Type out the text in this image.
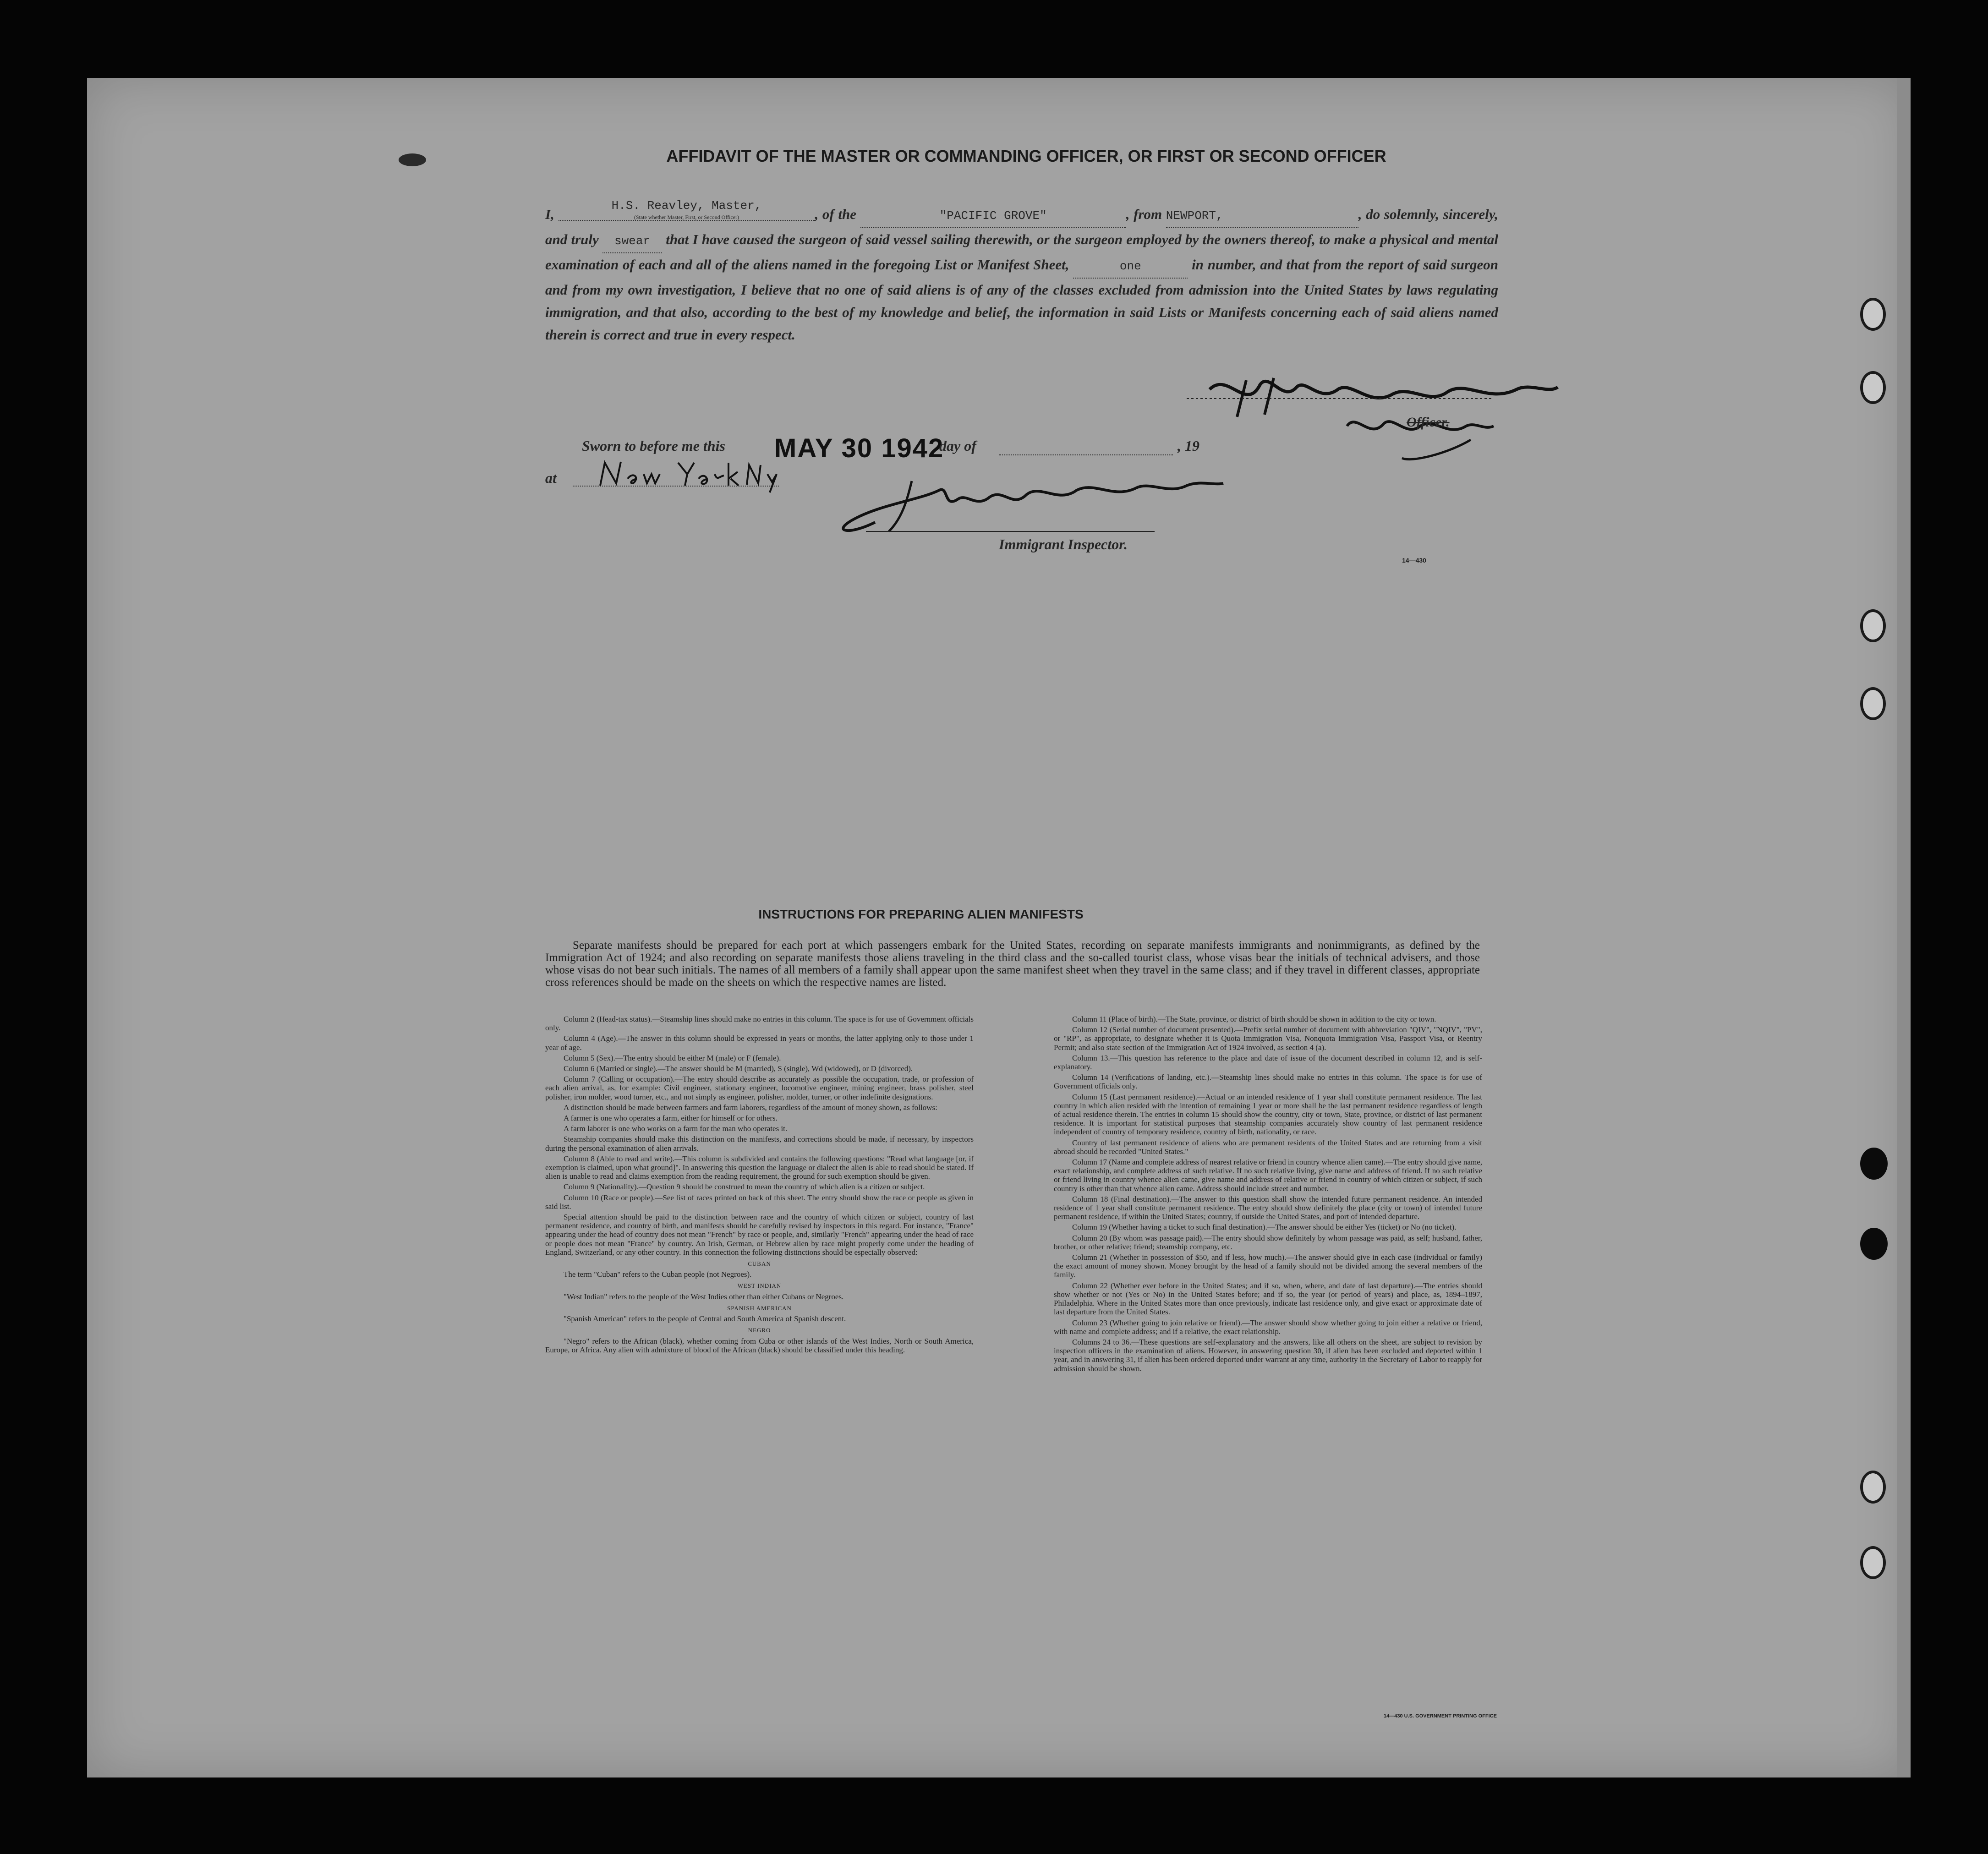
AFFIDAVIT OF THE MASTER OR COMMANDING OFFICER, OR FIRST OR SECOND OFFICER
I, H.S. Reavley, Master,
(State whether Master, First, or Second Officer)	, of the	"PACIFIC GROVE"	, from NEWPORT,	, do solemnly, sincerely, and truly swear that I have caused the surgeon of said vessel sailing therewith, or the surgeon employed by the owners thereof, to make a physical and mental examination of each and all of the aliens named in the foregoing List or Manifest Sheet,	one	in number, and that from the report of said surgeon and from my own investigation, I believe that no one of said aliens is of any of the classes excluded from admission into the United States by laws regulating immigration, and that also, according to the best of my knowledge and belief, the information in said Lists or Manifests concerning each of said aliens named therein is correct and true in every respect.
Officer.
Sworn to before me this MAY 30 1942
day of	, 19
at
Immigrant Inspector.
14—430
INSTRUCTIONS FOR PREPARING ALIEN MANIFESTS
Separate manifests should be prepared for each port at which passengers embark for the United States, recording on separate manifests immigrants and nonimmigrants, as defined by the Immigration Act of 1924; and also recording on separate manifests those aliens traveling in the third class and the so-called tourist class, whose visas bear the initials of technical advisers, and those whose visas do not bear such initials. The names of all members of a family shall appear upon the same manifest sheet when they travel in the same class; and if they travel in different classes, appropriate cross references should be made on the sheets on which the respective names are listed.

Column 2 (Head-tax status).—Steamship lines should make no entries in this column. The space is for use of Government officials only.

Column 4 (Age).—The answer in this column should be expressed in years or months, the latter applying only to those under 1 year of age.

Column 5 (Sex).—The entry should be either M (male) or F (female).

Column 6 (Married or single).—The answer should be M (married), S (single), Wd (widowed), or D (divorced).

Column 7 (Calling or occupation).—The entry should describe as accurately as possible the occupation, trade, or profession of each alien arrival, as, for example: Civil engineer, stationary engineer, locomotive engineer, mining engineer, brass polisher, steel polisher, iron molder, wood turner, etc., and not simply as engineer, polisher, molder, turner, or other indefinite designations.

A distinction should be made between farmers and farm laborers, regardless of the amount of money shown, as follows:

A farmer is one who operates a farm, either for himself or for others.

A farm laborer is one who works on a farm for the man who operates it.

Steamship companies should make this distinction on the manifests, and corrections should be made, if necessary, by inspectors during the personal examination of alien arrivals.

Column 8 (Able to read and write).—This column is subdivided and contains the following questions: "Read what language [or, if exemption is claimed, upon what ground]". In answering this question the language or dialect the alien is able to read should be stated. If alien is unable to read and claims exemption from the reading requirement, the ground for such exemption should be given.

Column 9 (Nationality).—Question 9 should be construed to mean the country of which alien is a citizen or subject.

Column 10 (Race or people).—See list of races printed on back of this sheet. The entry should show the race or people as given in said list.

Special attention should be paid to the distinction between race and the country of which citizen or subject, country of last permanent residence, and country of birth, and manifests should be carefully revised by inspectors in this regard. For instance, "France" appearing under the head of country does not mean "French" by race or people, and, similarly "French" appearing under the head of race or people does not mean "France" by country. An Irish, German, or Hebrew alien by race might properly come under the heading of England, Switzerland, or any other country. In this connection the following distinctions should be especially observed:

CUBAN

The term "Cuban" refers to the Cuban people (not Negroes).

WEST INDIAN

"West Indian" refers to the people of the West Indies other than either Cubans or Negroes.

SPANISH AMERICAN

"Spanish American" refers to the people of Central and South America of Spanish descent.

NEGRO

"Negro" refers to the African (black), whether coming from Cuba or other islands of the West Indies, North or South America, Europe, or Africa. Any alien with admixture of blood of the African (black) should be classified under this heading.

Column 11 (Place of birth).—The State, province, or district of birth should be shown in addition to the city or town.

Column 12 (Serial number of document presented).—Prefix serial number of document with abbreviation "QIV", "NQIV", "PV", or "RP", as appropriate, to designate whether it is Quota Immigration Visa, Nonquota Immigration Visa, Passport Visa, or Reentry Permit; and also state section of the Immigration Act of 1924 involved, as section 4 (a).

Column 13.—This question has reference to the place and date of issue of the document described in column 12, and is self-explanatory.

Column 14 (Verifications of landing, etc.).—Steamship lines should make no entries in this column. The space is for use of Government officials only.

Column 15 (Last permanent residence).—Actual or an intended residence of 1 year shall constitute permanent residence. The last country in which alien resided with the intention of remaining 1 year or more shall be the last permanent residence regardless of length of actual residence therein. The entries in column 15 should show the country, city or town, State, province, or district of last permanent residence. It is important for statistical purposes that steamship companies accurately show country of last permanent residence independent of country of temporary residence, country of birth, nationality, or race.

Country of last permanent residence of aliens who are permanent residents of the United States and are returning from a visit abroad should be recorded "United States."

Column 17 (Name and complete address of nearest relative or friend in country whence alien came).—The entry should give name, exact relationship, and complete address of such relative. If no such relative living, give name and address of friend. If no such relative or friend living in country whence alien came, give name and address of relative or friend in country of which citizen or subject, if such country is other than that whence alien came. Address should include street and number.

Column 18 (Final destination).—The answer to this question shall show the intended future permanent residence. An intended residence of 1 year shall constitute permanent residence. The entry should show definitely the place (city or town) of intended future permanent residence, if within the United States; country, if outside the United States, and port of intended departure.

Column 19 (Whether having a ticket to such final destination).—The answer should be either Yes (ticket) or No (no ticket).

Column 20 (By whom was passage paid).—The entry should show definitely by whom passage was paid, as self; husband, father, brother, or other relative; friend; steamship company, etc.

Column 21 (Whether in possession of $50, and if less, how much).—The answer should give in each case (individual or family) the exact amount of money shown. Money brought by the head of a family should not be divided among the several members of the family.

Column 22 (Whether ever before in the United States; and if so, when, where, and date of last departure).—The entries should show whether or not (Yes or No) in the United States before; and if so, the year (or period of years) and place, as, 1894–1897, Philadelphia. Where in the United States more than once previously, indicate last residence only, and give exact or approximate date of last departure from the United States.

Column 23 (Whether going to join relative or friend).—The answer should show whether going to join either a relative or friend, with name and complete address; and if a relative, the exact relationship.

Columns 24 to 36.—These questions are self-explanatory and the answers, like all others on the sheet, are subject to revision by inspection officers in the examination of aliens. However, in answering question 30, if alien has been excluded and deported within 1 year, and in answering 31, if alien has been ordered deported under warrant at any time, authority in the Secretary of Labor to reapply for admission should be shown.

14—430 U.S. GOVERNMENT PRINTING OFFICE
